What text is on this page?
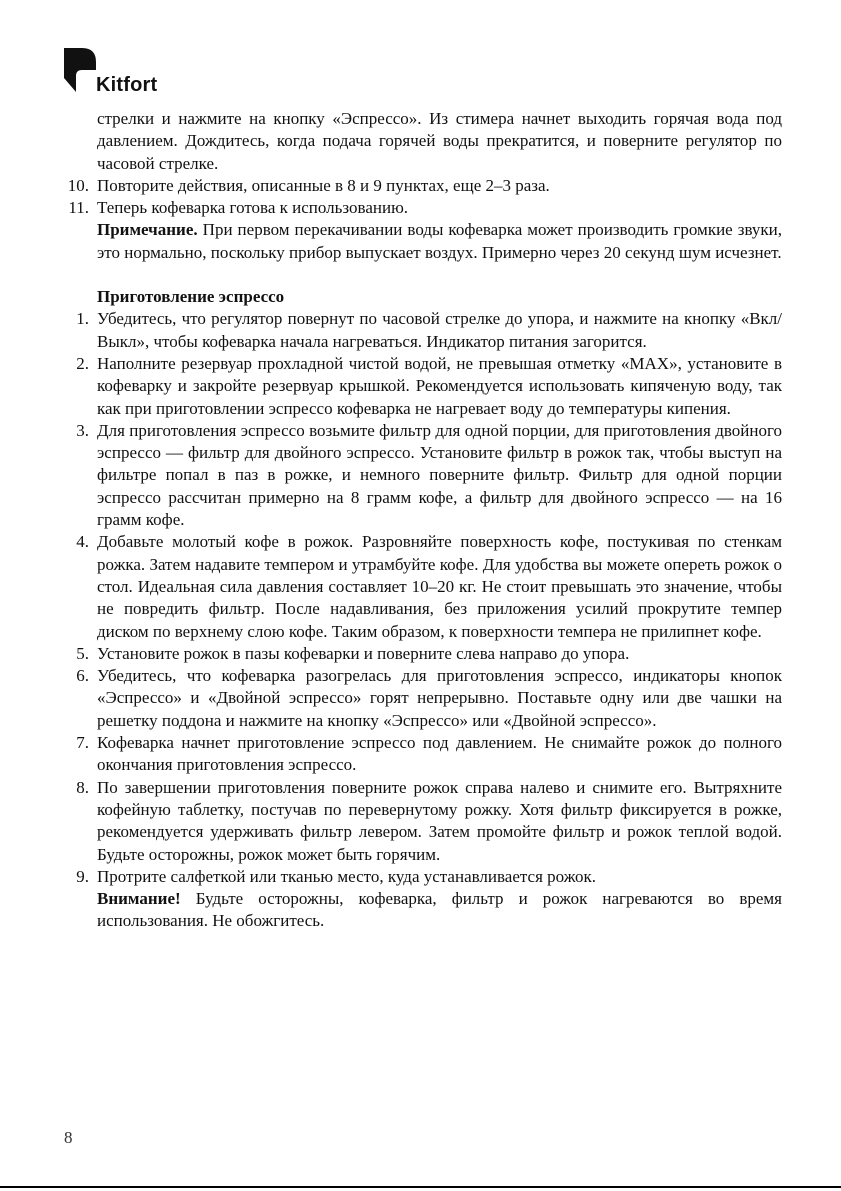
Kitfort

стрелки и нажмите на кнопку «Эспрессо». Из стимера начнет выходить горячая вода под давлением. Дождитесь, когда подача горячей воды прекратится, и поверните регулятор по часовой стрелке.

10. Повторите действия, описанные в 8 и 9 пунктах, еще 2–3 раза.
11. Теперь кофеварка готова к использованию.

Примечание. При первом перекачивании воды кофеварка может производить громкие звуки, это нормально, поскольку прибор выпускает воздух. Примерно через 20 секунд шум исчезнет.

Приготовление эспрессо

1. Убедитесь, что регулятор повернут по часовой стрелке до упора, и нажмите на кнопку «Вкл/Выкл», чтобы кофеварка начала нагреваться. Индикатор питания загорится.
2. Наполните резервуар прохладной чистой водой, не превышая отметку «MAX», установите в кофеварку и закройте резервуар крышкой. Рекомендуется использовать кипяченую воду, так как при приготовлении эспрессо кофеварка не нагревает воду до температуры кипения.
3. Для приготовления эспрессо возьмите фильтр для одной порции, для приготовления двойного эспрессо — фильтр для двойного эспрессо. Установите фильтр в рожок так, чтобы выступ на фильтре попал в паз в рожке, и немного поверните фильтр. Фильтр для одной порции эспрессо рассчитан примерно на 8 грамм кофе, а фильтр для двойного эспрессо — на 16 грамм кофе.
4. Добавьте молотый кофе в рожок. Разровняйте поверхность кофе, постукивая по стенкам рожка. Затем надавите темпером и утрамбуйте кофе. Для удобства вы можете опереть рожок о стол. Идеальная сила давления составляет 10–20 кг. Не стоит превышать это значение, чтобы не повредить фильтр. После надавливания, без приложения усилий прокрутите темпер диском по верхнему слою кофе. Таким образом, к поверхности темпера не прилипнет кофе.
5. Установите рожок в пазы кофеварки и поверните слева направо до упора.
6. Убедитесь, что кофеварка разогрелась для приготовления эспрессо, индикаторы кнопок «Эспрессо» и «Двойной эспрессо» горят непрерывно. Поставьте одну или две чашки на решетку поддона и нажмите на кнопку «Эспрессо» или «Двойной эспрессо».
7. Кофеварка начнет приготовление эспрессо под давлением. Не снимайте рожок до полного окончания приготовления эспрессо.
8. По завершении приготовления поверните рожок справа налево и снимите его. Вытряхните кофейную таблетку, постучав по перевернутому рожку. Хотя фильтр фиксируется в рожке, рекомендуется удерживать фильтр левером. Затем промойте фильтр и рожок теплой водой. Будьте осторожны, рожок может быть горячим.
9. Протрите салфеткой или тканью место, куда устанавливается рожок.

Внимание! Будьте осторожны, кофеварка, фильтр и рожок нагреваются во время использования. Не обожгитесь.

8
